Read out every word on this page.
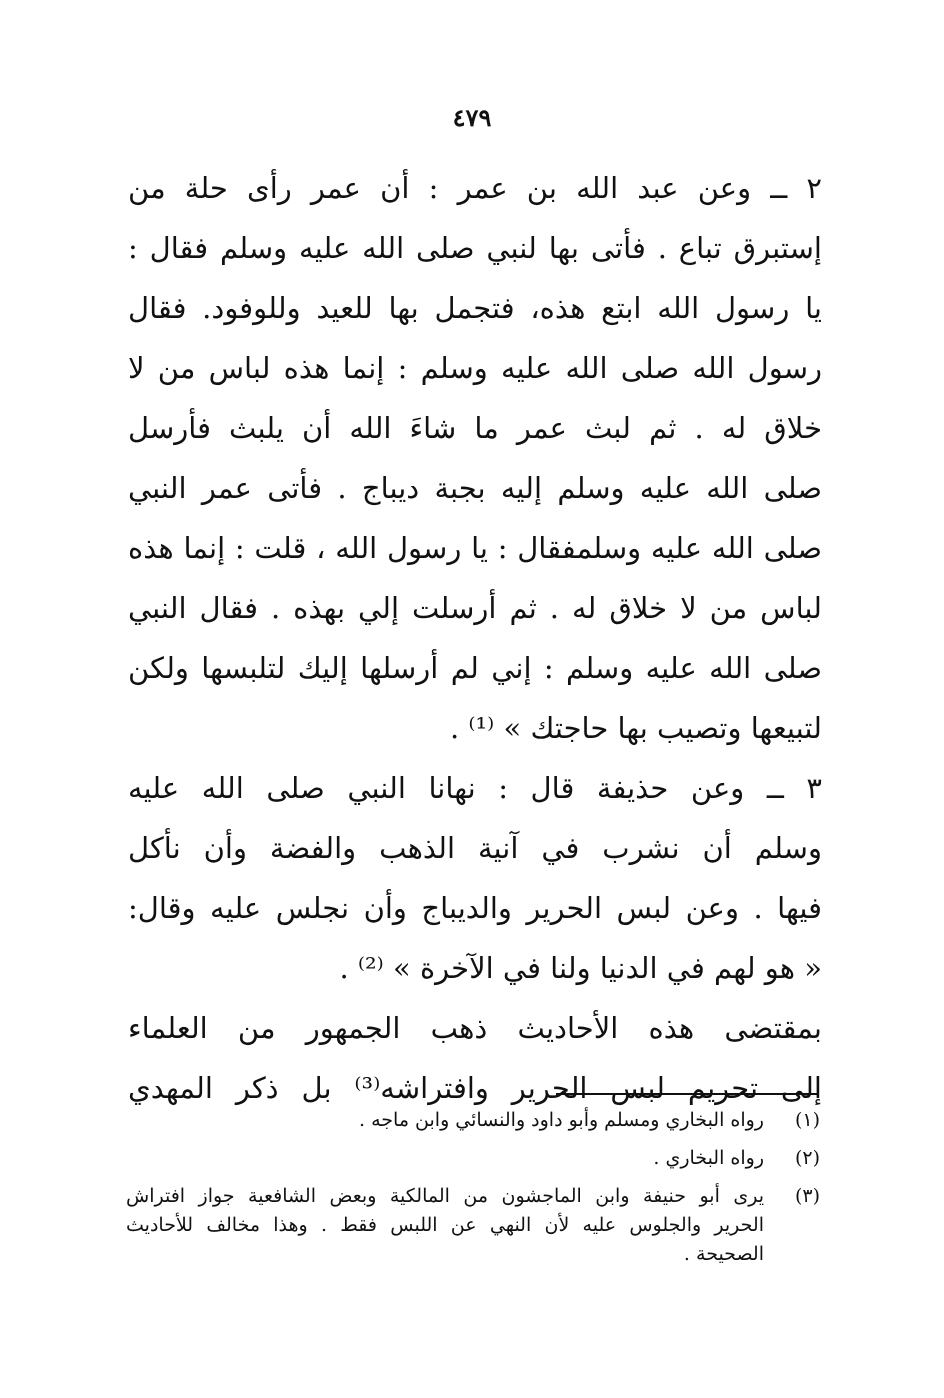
٤٧٩
٢ ــ وعن عبد الله بن عمر : أن عمر رأى حلة من
إستبرق تباع . فأتى بها لنبي صلى الله عليه وسلم فقال :
يا رسول الله ابتع هذه، فتجمل بها للعيد وللوفود. فقال
رسول الله صلى الله عليه وسلم : إنما هذه لباس من لا
خلاق له . ثم لبث عمر ما شاءَ الله أن يلبث فأرسل
صلى الله عليه وسلم إليه بجبة ديباج . فأتى عمر النبي
صلى الله عليه وسلمفقال : يا رسول الله ، قلت : إنما هذه
لباس من لا خلاق له . ثم أرسلت إلي بهذه . فقال النبي
صلى الله عليه وسلم : إني لم أرسلها إليك لتلبسها ولكن
لتبيعها وتصيب بها حاجتك » ⁽¹⁾ .
٣ ــ وعن حذيفة قال : نهانا النبي صلى الله عليه
وسلم أن نشرب في آنية الذهب والفضة وأن نأكل
فيها . وعن لبس الحرير والديباج وأن نجلس عليه وقال:
« هو لهم في الدنيا ولنا في الآخرة » ⁽²⁾ .
بمقتضى هذه الأحاديث ذهب الجمهور من العلماء
إلى تحريم لبس الحرير وافتراشه⁽³⁾ بل ذكر المهدي
(١)
رواه البخاري ومسلم وأبو داود والنسائي وابن ماجه .
(٢)
رواه البخاري .
(٣)
يرى أبو حنيفة وابن الماجشون من المالكية وبعض الشافعية جواز افتراش
الحرير والجلوس عليه لأن النهي عن اللبس فقط . وهذا مخالف للأحاديث
الصحيحة .
